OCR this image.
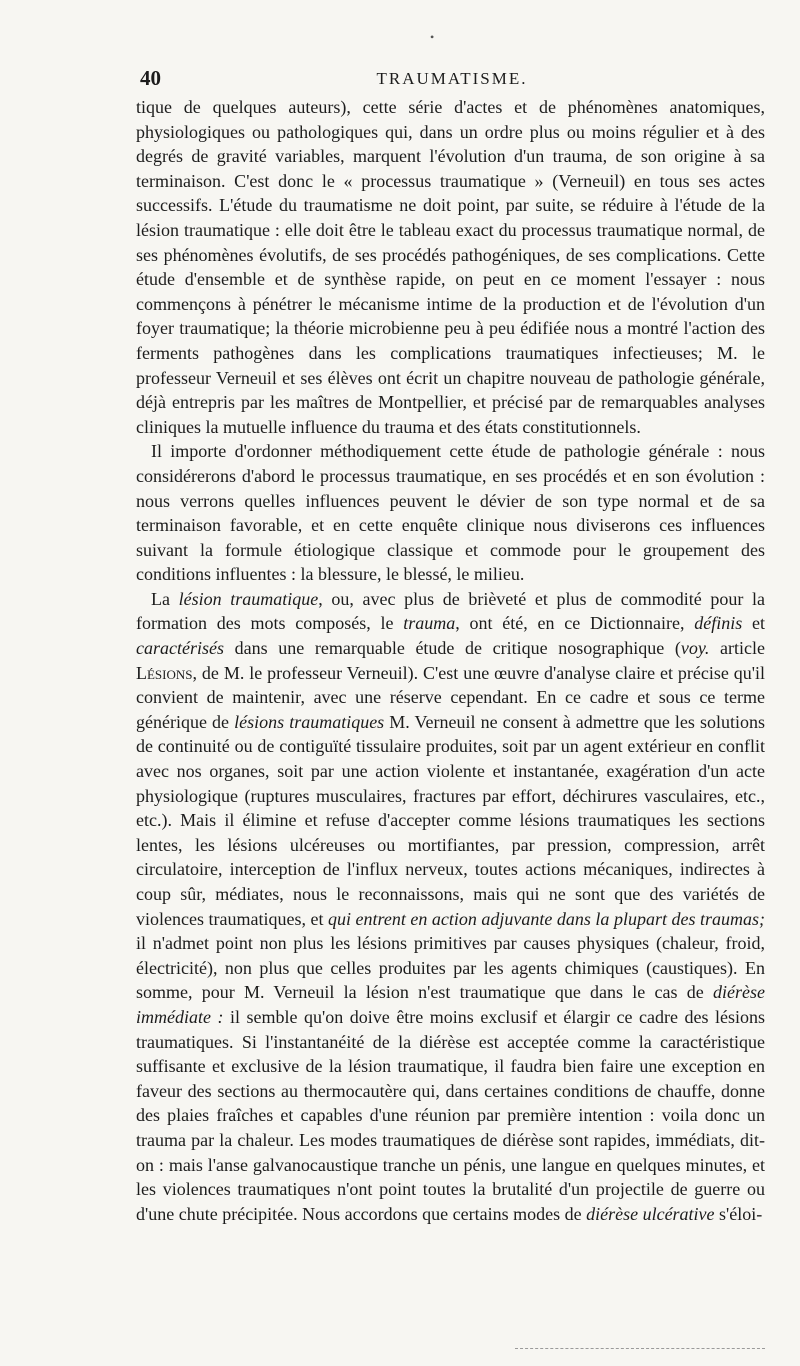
•
40	TRAUMATISME.

tique de quelques auteurs), cette série d'actes et de phénomènes anatomiques, physiologiques ou pathologiques qui, dans un ordre plus ou moins régulier et à des degrés de gravité variables, marquent l'évolution d'un trauma, de son origine à sa terminaison. C'est donc le « processus traumatique » (Verneuil) en tous ses actes successifs. L'étude du traumatisme ne doit point, par suite, se réduire à l'étude de la lésion traumatique : elle doit être le tableau exact du processus traumatique normal, de ses phénomènes évolutifs, de ses procédés pathogéniques, de ses complications. Cette étude d'ensemble et de synthèse rapide, on peut en ce moment l'essayer : nous commençons à pénétrer le mécanisme intime de la production et de l'évolution d'un foyer traumatique; la théorie microbienne peu à peu édifiée nous a montré l'action des ferments pathogènes dans les complications traumatiques infectieuses; M. le professeur Verneuil et ses élèves ont écrit un chapitre nouveau de pathologie générale, déjà entrepris par les maîtres de Montpellier, et précisé par de remarquables analyses cliniques la mutuelle influence du trauma et des états constitutionnels.

Il importe d'ordonner méthodiquement cette étude de pathologie générale : nous considérerons d'abord le processus traumatique, en ses procédés et en son évolution : nous verrons quelles influences peuvent le dévier de son type normal et de sa terminaison favorable, et en cette enquête clinique nous diviserons ces influences suivant la formule étiologique classique et commode pour le groupement des conditions influentes : la blessure, le blessé, le milieu.

La lésion traumatique, ou, avec plus de brièveté et plus de commodité pour la formation des mots composés, le trauma, ont été, en ce Dictionnaire, définis et caractérisés dans une remarquable étude de critique nosographique (voy. article Lésions, de M. le professeur Verneuil). C'est une œuvre d'analyse claire et précise qu'il convient de maintenir, avec une réserve cependant. En ce cadre et sous ce terme générique de lésions traumatiques M. Verneuil ne consent à admettre que les solutions de continuité ou de contiguïté tissulaire produites, soit par un agent extérieur en conflit avec nos organes, soit par une action violente et instantanée, exagération d'un acte physiologique (ruptures musculaires, fractures par effort, déchirures vasculaires, etc., etc.). Mais il élimine et refuse d'accepter comme lésions traumatiques les sections lentes, les lésions ulcéreuses ou mortifiantes, par pression, compression, arrêt circulatoire, interception de l'influx nerveux, toutes actions mécaniques, indirectes à coup sûr, médiates, nous le reconnaissons, mais qui ne sont que des variétés de violences traumatiques, et qui entrent en action adjuvante dans la plupart des traumas; il n'admet point non plus les lésions primitives par causes physiques (chaleur, froid, électricité), non plus que celles produites par les agents chimiques (caustiques). En somme, pour M. Verneuil la lésion n'est traumatique que dans le cas de diérèse immédiate : il semble qu'on doive être moins exclusif et élargir ce cadre des lésions traumatiques. Si l'instantanéité de la diérèse est acceptée comme la caractéristique suffisante et exclusive de la lésion traumatique, il faudra bien faire une exception en faveur des sections au thermocautère qui, dans certaines conditions de chauffe, donne des plaies fraîches et capables d'une réunion par première intention : voila donc un trauma par la chaleur. Les modes traumatiques de diérèse sont rapides, immédiats, dit-on : mais l'anse galvanocaustique tranche un pénis, une langue en quelques minutes, et les violences traumatiques n'ont point toutes la brutalité d'un projectile de guerre ou d'une chute précipitée. Nous accordons que certains modes de diérèse ulcérative s'éloi-
